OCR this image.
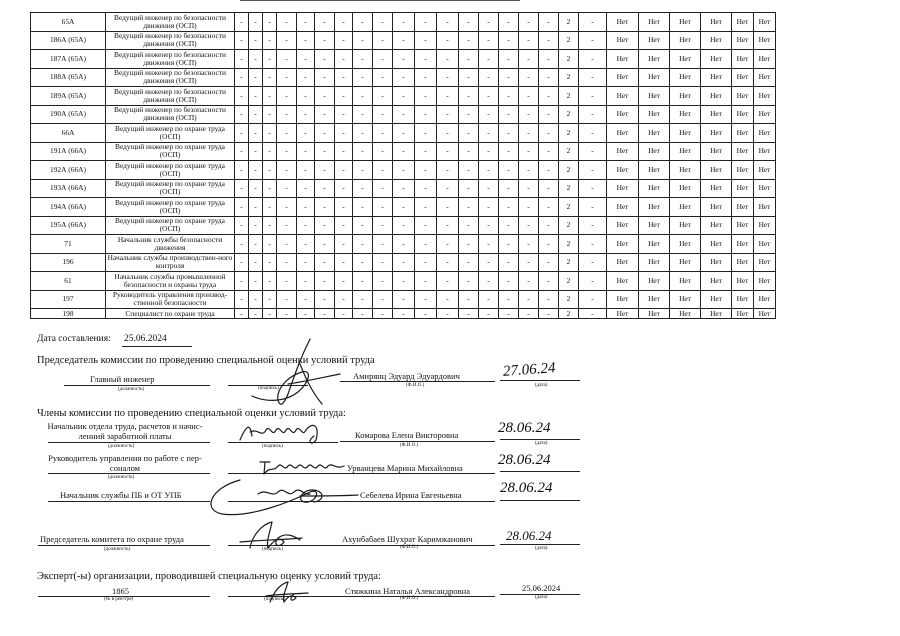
65А	Ведущий инженер по безопасности движения (ОСП)	-	-	-	-	-	-	-	-	-	-	-	-	-	-	-	-	-	2	-	Нет	Нет	Нет	Нет	Нет	Нет
186А (65А)	Ведущий инженер по безопасности движения (ОСП)	-	-	-	-	-	-	-	-	-	-	-	-	-	-	-	-	-	2	-	Нет	Нет	Нет	Нет	Нет	Нет
187А (65А)	Ведущий инженер по безопасности движения (ОСП)	-	-	-	-	-	-	-	-	-	-	-	-	-	-	-	-	-	2	-	Нет	Нет	Нет	Нет	Нет	Нет
188А (65А)	Ведущий инженер по безопасности движения (ОСП)	-	-	-	-	-	-	-	-	-	-	-	-	-	-	-	-	-	2	-	Нет	Нет	Нет	Нет	Нет	Нет
189А (65А)	Ведущий инженер по безопасности движения (ОСП)	-	-	-	-	-	-	-	-	-	-	-	-	-	-	-	-	-	2	-	Нет	Нет	Нет	Нет	Нет	Нет
190А (65А)	Ведущий инженер по безопасности движения (ОСП)	-	-	-	-	-	-	-	-	-	-	-	-	-	-	-	-	-	2	-	Нет	Нет	Нет	Нет	Нет	Нет
66А	Ведущий инженер по охране труда (ОСП)	-	-	-	-	-	-	-	-	-	-	-	-	-	-	-	-	-	2	-	Нет	Нет	Нет	Нет	Нет	Нет
191А (66А)	Ведущий инженер по охране труда (ОСП)	-	-	-	-	-	-	-	-	-	-	-	-	-	-	-	-	-	2	-	Нет	Нет	Нет	Нет	Нет	Нет
192А (66А)	Ведущий инженер по охране труда (ОСП)	-	-	-	-	-	-	-	-	-	-	-	-	-	-	-	-	-	2	-	Нет	Нет	Нет	Нет	Нет	Нет
193А (66А)	Ведущий инженер по охране труда (ОСП)	-	-	-	-	-	-	-	-	-	-	-	-	-	-	-	-	-	2	-	Нет	Нет	Нет	Нет	Нет	Нет
194А (66А)	Ведущий инженер по охране труда (ОСП)	-	-	-	-	-	-	-	-	-	-	-	-	-	-	-	-	-	2	-	Нет	Нет	Нет	Нет	Нет	Нет
195А (66А)	Ведущий инженер по охране труда (ОСП)	-	-	-	-	-	-	-	-	-	-	-	-	-	-	-	-	-	2	-	Нет	Нет	Нет	Нет	Нет	Нет
71	Начальник службы безопасности движения	-	-	-	-	-	-	-	-	-	-	-	-	-	-	-	-	-	2	-	Нет	Нет	Нет	Нет	Нет	Нет
196	Начальник службы производствен-ного контроля	-	-	-	-	-	-	-	-	-	-	-	-	-	-	-	-	-	2	-	Нет	Нет	Нет	Нет	Нет	Нет
61	Начальник службы промышленной безопасности и охраны труда	-	-	-	-	-	-	-	-	-	-	-	-	-	-	-	-	-	2	-	Нет	Нет	Нет	Нет	Нет	Нет
197	Руководитель управления производ-ственной безопасности	-	-	-	-	-	-	-	-	-	-	-	-	-	-	-	-	-	2	-	Нет	Нет	Нет	Нет	Нет	Нет
198	Специалист по охране труда	-	-	-	-	-	-	-	-	-	-	-	-	-	-	-	-	-	2	-	Нет	Нет	Нет	Нет	Нет	Нет
Дата составления: 25.06.2024
Председатель комиссии по проведению специальной оценки условий труда
Главный инженер
(должность)	(подпись)
Амирянц Эдуард Эдуардович
(Ф.И.О.)
27.06.24
(дата)
Члены комиссии по проведению специальной оценки условий труда:
Начальник отдела труда, расчетов и начис-ленний заработной платы
(должность)	(подпись)
Комарова Елена Викторовна
(Ф.И.О.)
28.06.24
(дата)
Руководитель управления по работе с пер-соналом
(должность)
Урванцева Марина Михайловна 28.06.24
Начальник службы ПБ и ОТ УПБ	Себелева Ирина Евгеньевна	28.06.24
Председатель комитета по охране труда
(должность)	(подпись)
Ахунбабаев Шухрат Каримжанович
(Ф.И.О.)
28.06.24
(дата)
Эксперт(-ы) организации, проводившей специальную оценку условий труда:
1865
(№ в реестре)	(подпись)
Стяжкина Наталья Александровна
(Ф.И.О.)
25.06.2024
(дата)
